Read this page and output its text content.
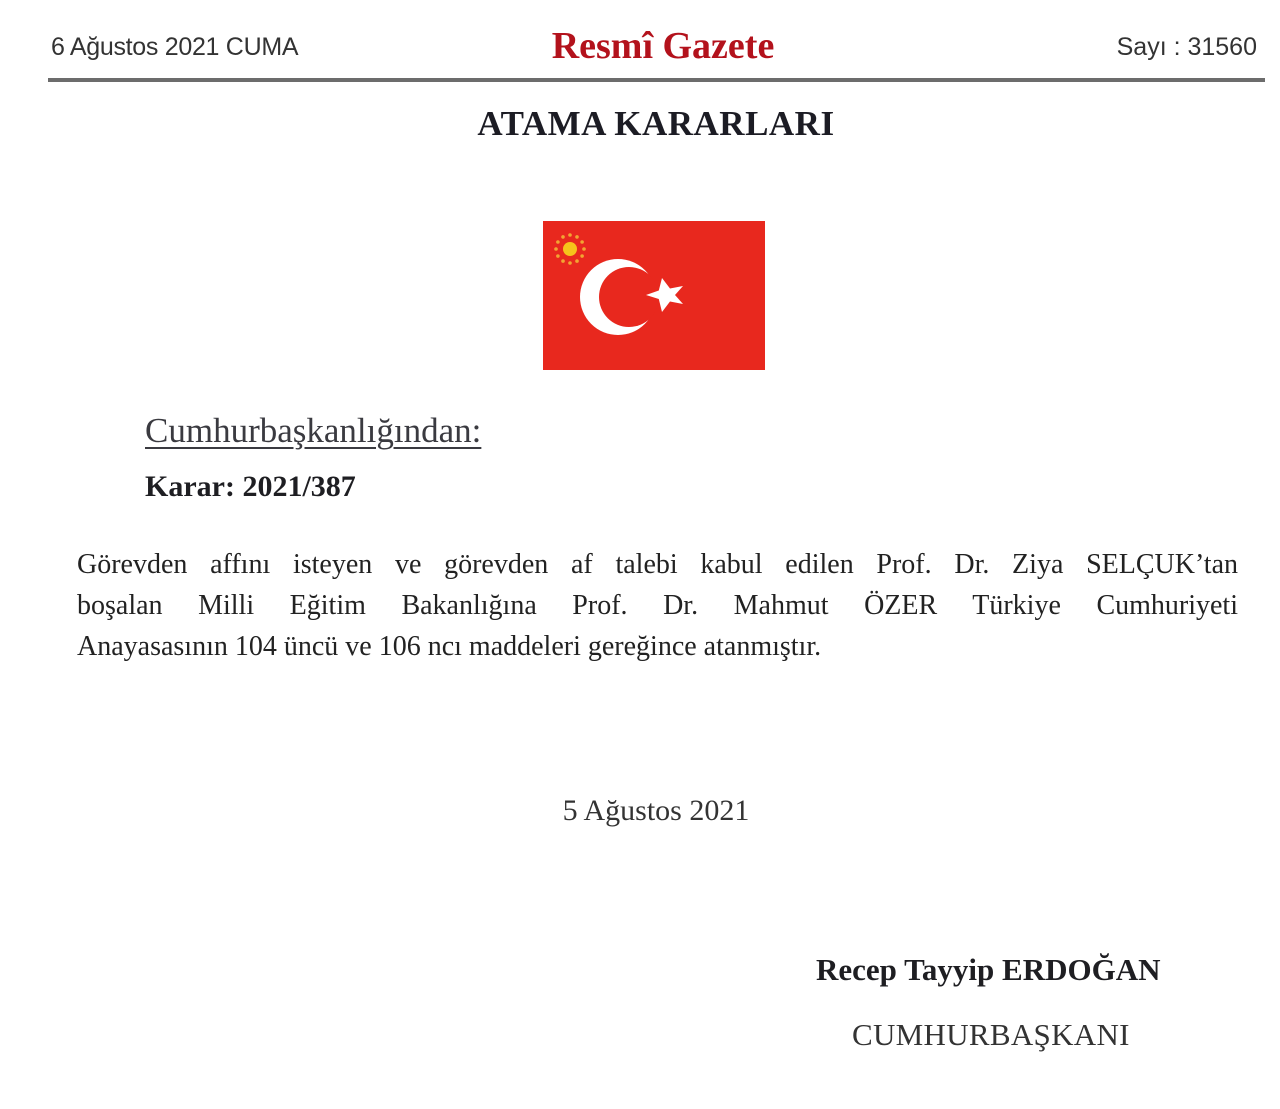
6 Ağustos 2021 CUMA	Resmî Gazete	Sayı : 31560
ATAMA KARARLARI
Cumhurbaşkanlığından:
Karar: 2021/387
Görevden affını isteyen ve görevden af talebi kabul edilen Prof. Dr. Ziya SELÇUK’tan
boşalan Milli Eğitim Bakanlığına Prof. Dr. Mahmut ÖZER Türkiye Cumhuriyeti
Anayasasının 104 üncü ve 106 ncı maddeleri gereğince atanmıştır.
5 Ağustos 2021
Recep Tayyip ERDOĞAN
CUMHURBAŞKANI
